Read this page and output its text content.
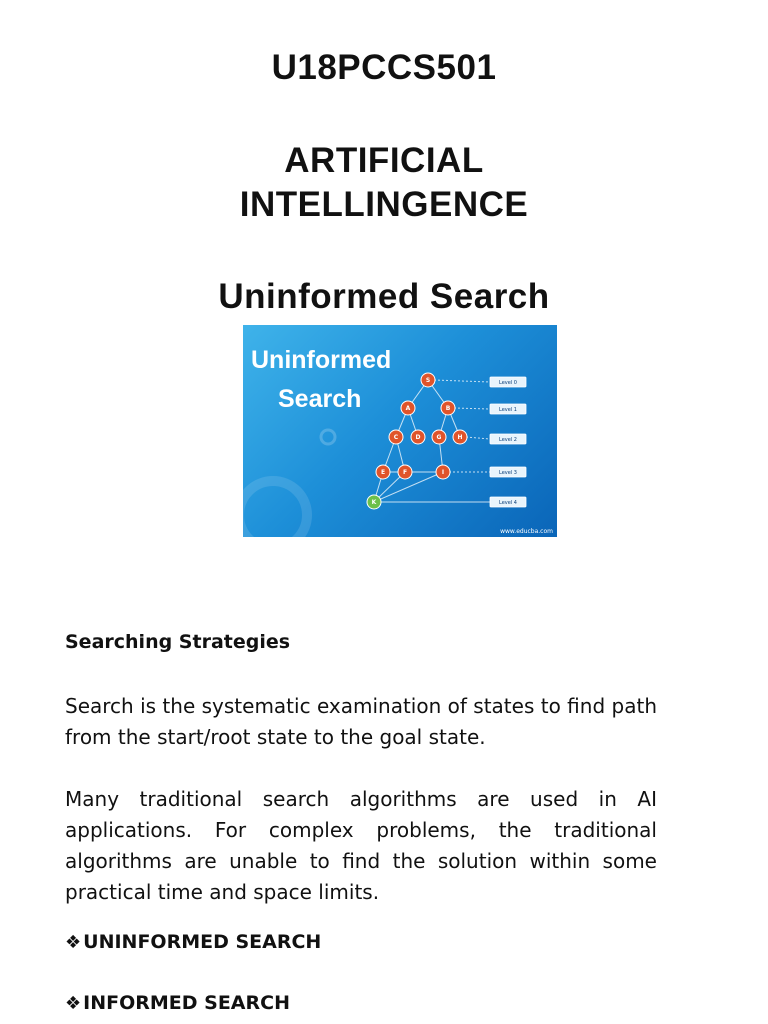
U18PCCS501
ARTIFICIAL
INTELLINGENCE
Uninformed Search
Uninformed
Search
S
A	B
C	D	G	H
E	F	I
K
Level 0
Level 1
Level 2
Level 3
Level 4
www.educba.com
Searching Strategies

Search is the systematic examination of states to find path from the start/root state to the goal state.

Many traditional search algorithms are used in AI applications. For complex problems, the traditional algorithms are unable to find the solution within some practical time and space limits.

❖ UNINFORMED SEARCH

❖ INFORMED SEARCH
